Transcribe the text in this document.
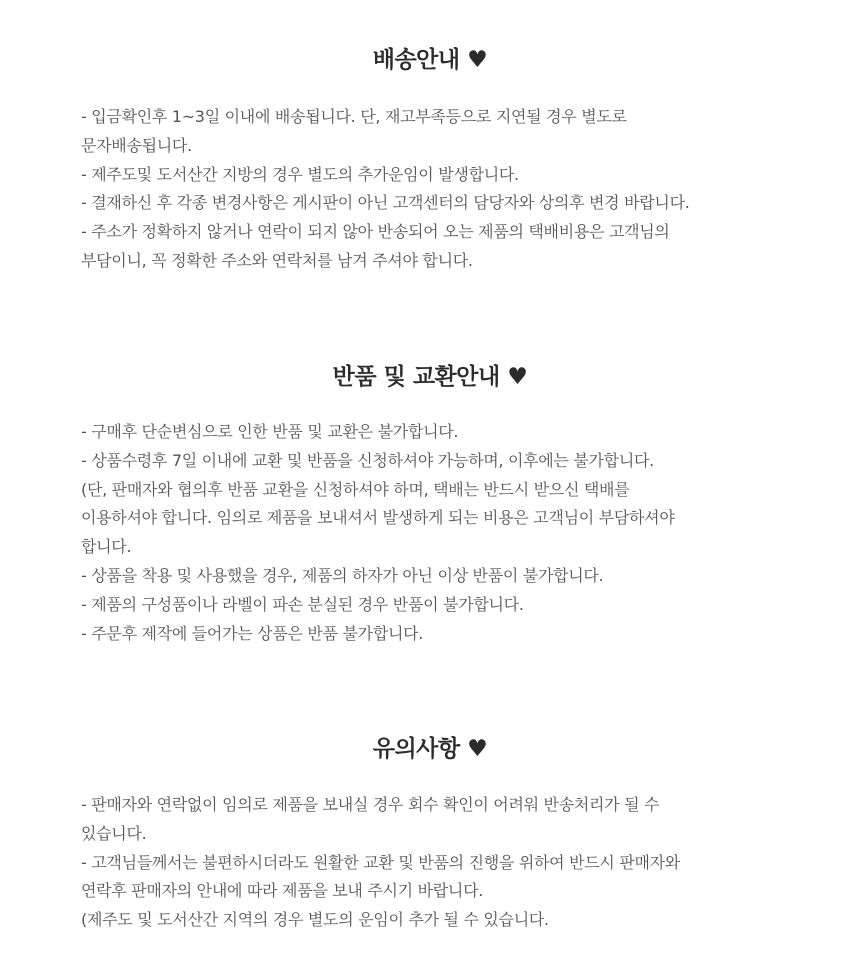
배송안내 ♥
- 입금확인후 1~3일 이내에 배송됩니다. 단, 재고부족등으로 지연될 경우 별도로
문자배송됩니다.
- 제주도및 도서산간 지방의 경우 별도의 추가운임이 발생합니다.
- 결재하신 후 각종 변경사항은 게시판이 아닌 고객센터의 담당자와 상의후 변경 바랍니다.
- 주소가 정확하지 않거나 연락이 되지 않아 반송되어 오는 제품의 택배비용은 고객님의
부담이니, 꼭 정확한 주소와 연락처를 남겨 주셔야 합니다.
반품 및 교환안내 ♥
- 구매후 단순변심으로 인한 반품 및 교환은 불가합니다.
- 상품수령후 7일 이내에 교환 및 반품을 신청하셔야 가능하며, 이후에는 불가합니다.
(단, 판매자와 협의후 반품 교환을 신청하셔야 하며, 택배는 반드시 받으신 택배를
이용하셔야 합니다. 임의로 제품을 보내셔서 발생하게 되는 비용은 고객님이 부담하셔야
합니다.
- 상품을 착용 및 사용했을 경우, 제품의 하자가 아닌 이상 반품이 불가합니다.
- 제품의 구성품이나 라벨이 파손 분실된 경우 반품이 불가합니다.
- 주문후 제작에 들어가는 상품은 반품 불가합니다.
유의사항 ♥
- 판매자와 연락없이 임의로 제품을 보내실 경우 회수 확인이 어려워 반송처리가 될 수
있습니다.
- 고객님들께서는 불편하시더라도 원활한 교환 및 반품의 진행을 위하여 반드시 판매자와
연락후 판매자의 안내에 따라 제품을 보내 주시기 바랍니다.
(제주도 및 도서산간 지역의 경우 별도의 운임이 추가 될 수 있습니다.
